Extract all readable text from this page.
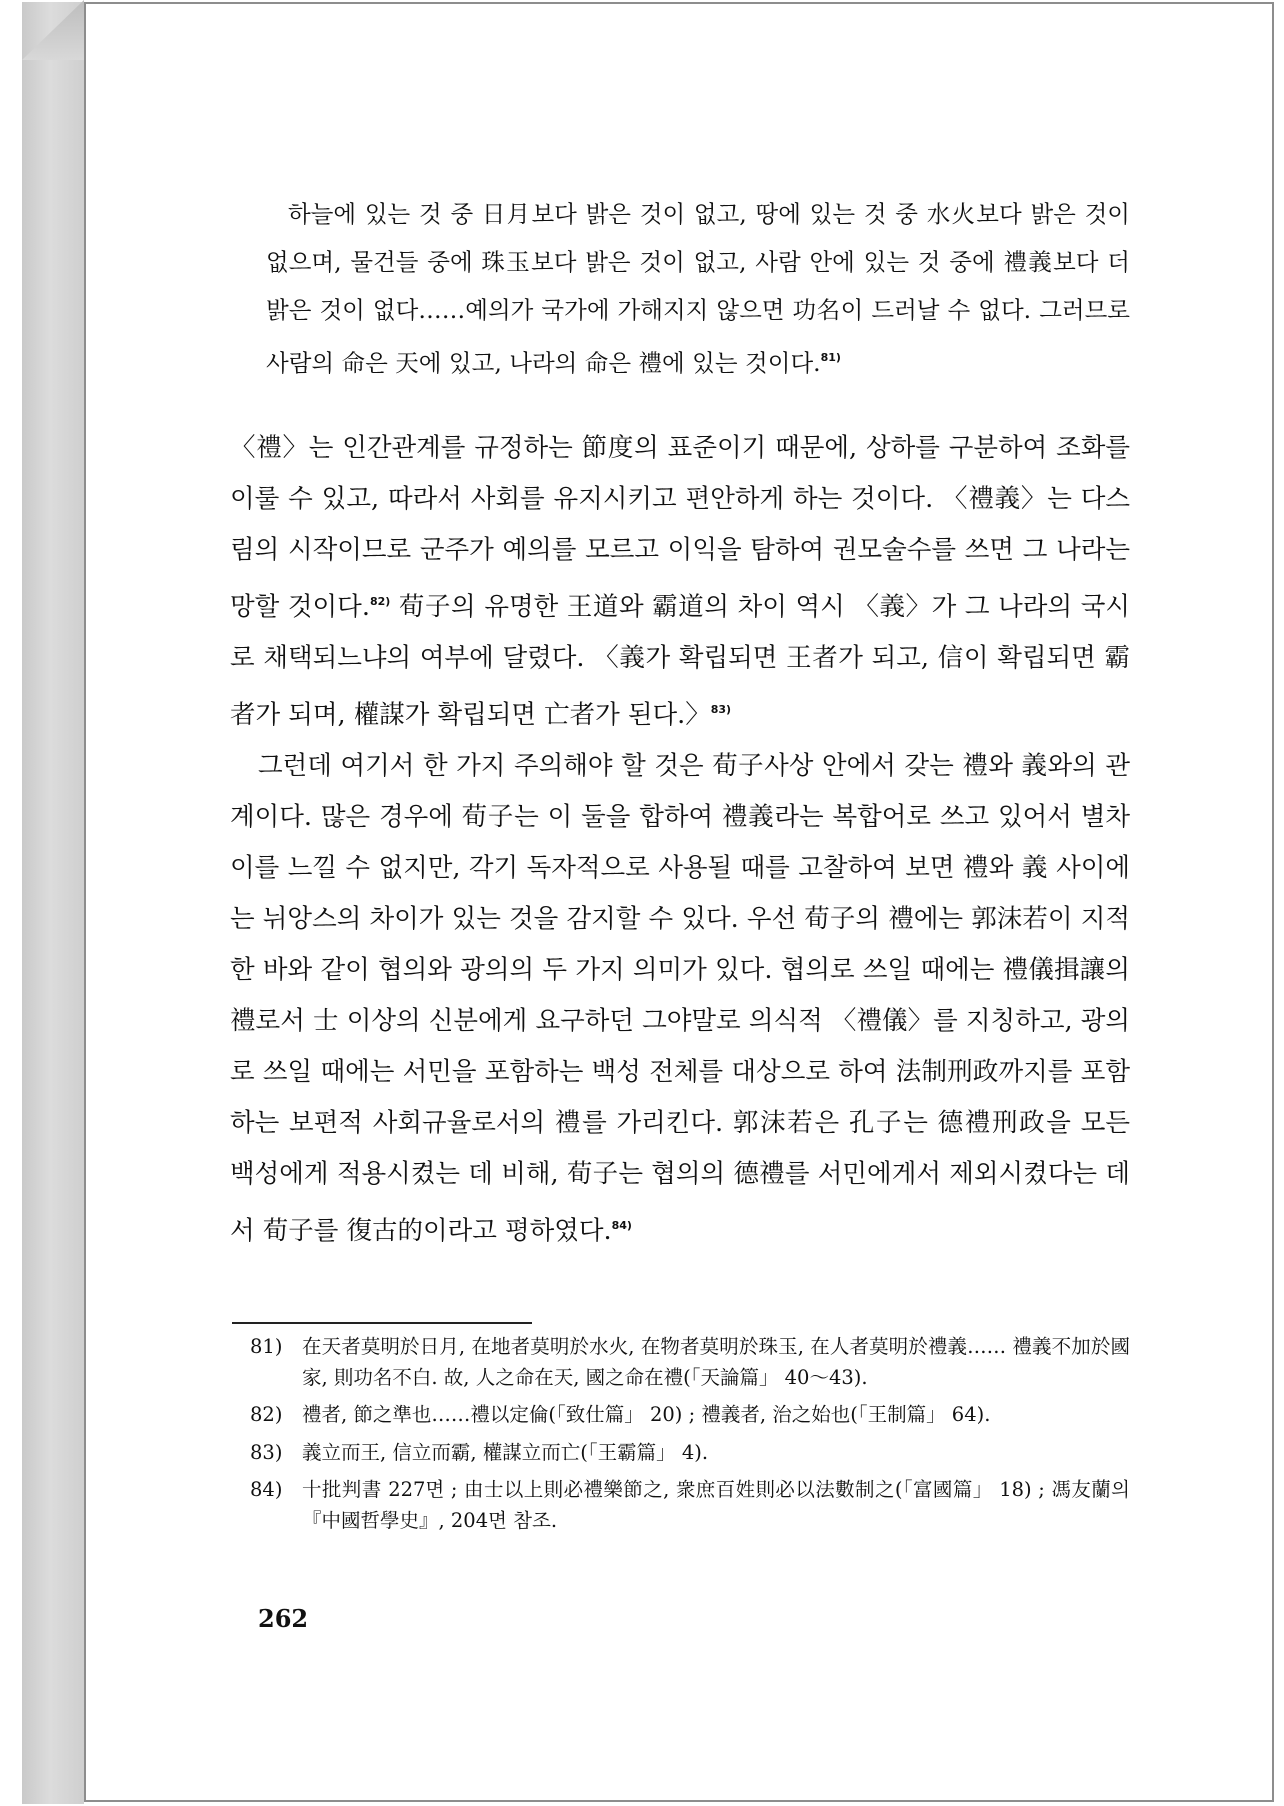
하늘에 있는 것 중 日月보다 밝은 것이 없고, 땅에 있는 것 중 水火보다 밝은 것이 없으며, 물건들 중에 珠玉보다 밝은 것이 없고, 사람 안에 있는 것 중에 禮義보다 더 밝은 것이 없다……예의가 국가에 가해지지 않으면 功名이 드러날 수 없다. 그러므로 사람의 命은 天에 있고, 나라의 命은 禮에 있는 것이다.$^{81)}$

〈禮〉는 인간관계를 규정하는 節度의 표준이기 때문에, 상하를 구분하여 조화를 이룰 수 있고, 따라서 사회를 유지시키고 편안하게 하는 것이다. 〈禮義〉는 다스림의 시작이므로 군주가 예의를 모르고 이익을 탐하여 권모술수를 쓰면 그 나라는 망할 것이다.$^{82)}$ 荀子의 유명한 王道와 霸道의 차이 역시 〈義〉가 그 나라의 국시로 채택되느냐의 여부에 달렸다. 〈義가 확립되면 王者가 되고, 信이 확립되면 霸者가 되며, 權謀가 확립되면 亡者가 된다.〉$^{83)}$

그런데 여기서 한 가지 주의해야 할 것은 荀子사상 안에서 갖는 禮와 義와의 관계이다. 많은 경우에 荀子는 이 둘을 합하여 禮義라는 복합어로 쓰고 있어서 별차이를 느낄 수 없지만, 각기 독자적으로 사용될 때를 고찰하여 보면 禮와 義 사이에는 뉘앙스의 차이가 있는 것을 감지할 수 있다. 우선 荀子의 禮에는 郭沫若이 지적한 바와 같이 협의와 광의의 두 가지 의미가 있다. 협의로 쓰일 때에는 禮儀揖讓의 禮로서 士 이상의 신분에게 요구하던 그야말로 의식적 〈禮儀〉를 지칭하고, 광의로 쓰일 때에는 서민을 포함하는 백성 전체를 대상으로 하여 法制刑政까지를 포함하는 보편적 사회규율로서의 禮를 가리킨다. 郭沫若은 孔子는 德禮刑政을 모든 백성에게 적용시켰는 데 비해, 荀子는 협의의 德禮를 서민에게서 제외시켰다는 데서 荀子를 復古的이라고 평하였다.$^{84)}$

81)	在天者莫明於日月, 在地者莫明於水火, 在物者莫明於珠玉, 在人者莫明於禮義…… 禮義不加於國家, 則功名不白. 故, 人之命在天, 國之命在禮(「天論篇」 40～43).
82)	禮者, 節之準也……禮以定倫(「致仕篇」 20) ; 禮義者, 治之始也(「王制篇」 64).
83)	義立而王, 信立而霸, 權謀立而亡(「王霸篇」 4).
84)	十批判書 227면 ; 由士以上則必禮樂節之, 衆庶百姓則必以法數制之(「富國篇」 18) ; 馮友蘭의 『中國哲學史』, 204면 참조.
262
